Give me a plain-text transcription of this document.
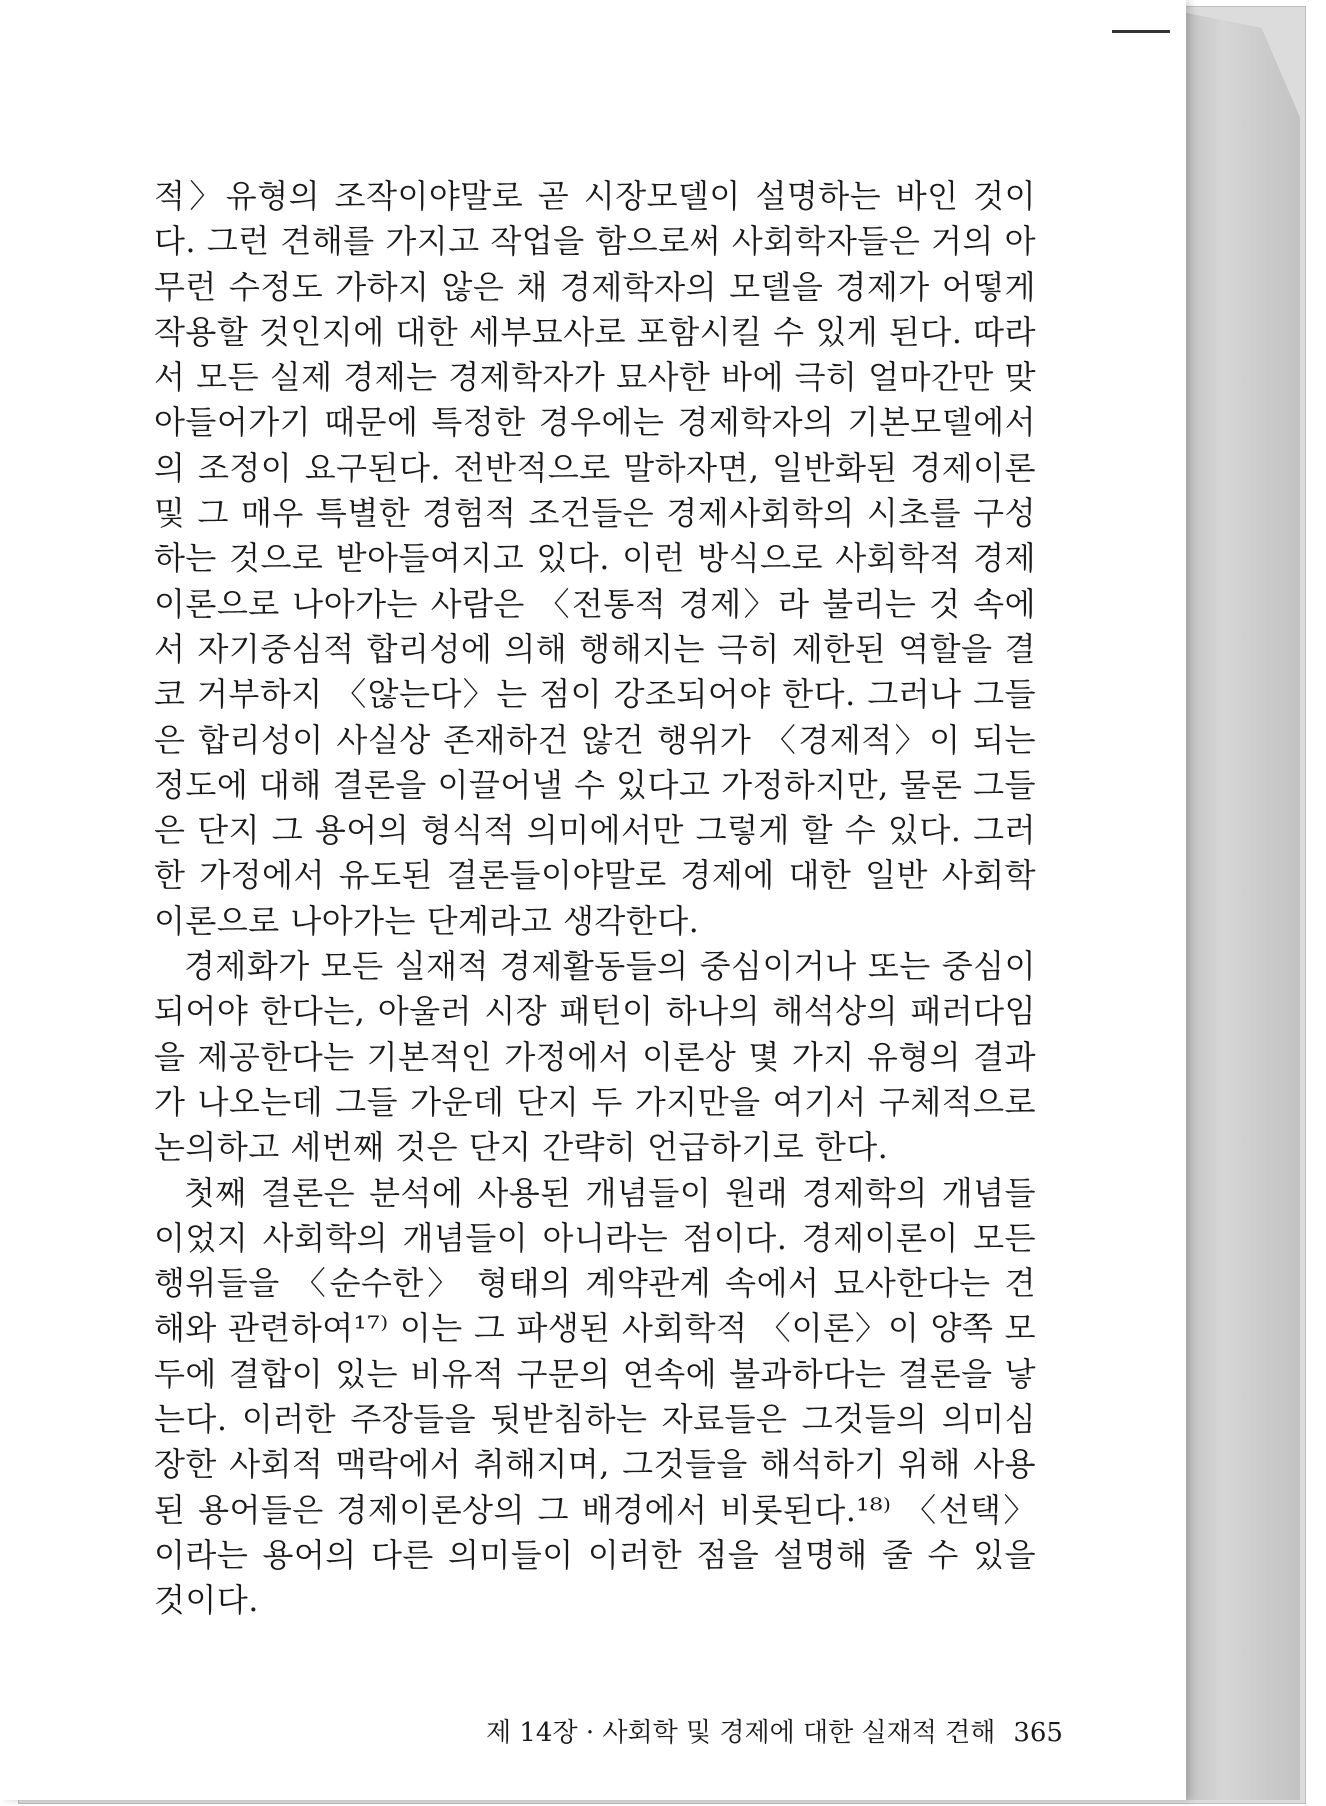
적〉유형의 조작이야말로 곧 시장모델이 설명하는 바인 것이다. 그런 견해를 가지고 작업을 함으로써 사회학자들은 거의 아무런 수정도 가하지 않은 채 경제학자의 모델을 경제가 어떻게 작용할 것인지에 대한 세부묘사로 포함시킬 수 있게 된다. 따라서 모든 실제 경제는 경제학자가 묘사한 바에 극히 얼마간만 맞아들어가기 때문에 특정한 경우에는 경제학자의 기본모델에서의 조정이 요구된다. 전반적으로 말하자면, 일반화된 경제이론 및 그 매우 특별한 경험적 조건들은 경제사회학의 시초를 구성하는 것으로 받아들여지고 있다. 이런 방식으로 사회학적 경제이론으로 나아가는 사람은 〈전통적 경제〉라 불리는 것 속에서 자기중심적 합리성에 의해 행해지는 극히 제한된 역할을 결코 거부하지 〈않는다〉는 점이 강조되어야 한다. 그러나 그들은 합리성이 사실상 존재하건 않건 행위가 〈경제적〉이 되는 정도에 대해 결론을 이끌어낼 수 있다고 가정하지만, 물론 그들은 단지 그 용어의 형식적 의미에서만 그렇게 할 수 있다. 그러한 가정에서 유도된 결론들이야말로 경제에 대한 일반 사회학 이론으로 나아가는 단계라고 생각한다.

경제화가 모든 실재적 경제활동들의 중심이거나 또는 중심이 되어야 한다는, 아울러 시장 패턴이 하나의 해석상의 패러다임을 제공한다는 기본적인 가정에서 이론상 몇 가지 유형의 결과가 나오는데 그들 가운데 단지 두 가지만을 여기서 구체적으로 논의하고 세번째 것은 단지 간략히 언급하기로 한다.

첫째 결론은 분석에 사용된 개념들이 원래 경제학의 개념들이었지 사회학의 개념들이 아니라는 점이다. 경제이론이 모든 행위들을 〈순수한〉 형태의 계약관계 속에서 묘사한다는 견해와 관련하여¹⁷⁾ 이는 그 파생된 사회학적 〈이론〉이 양쪽 모두에 결합이 있는 비유적 구문의 연속에 불과하다는 결론을 낳는다. 이러한 주장들을 뒷받침하는 자료들은 그것들의 의미심장한 사회적 맥락에서 취해지며, 그것들을 해석하기 위해 사용된 용어들은 경제이론상의 그 배경에서 비롯된다.¹⁸⁾ 〈선택〉이라는 용어의 다른 의미들이 이러한 점을 설명해 줄 수 있을 것이다.

제 14장 · 사회학 및 경제에 대한 실재적 견해 365
